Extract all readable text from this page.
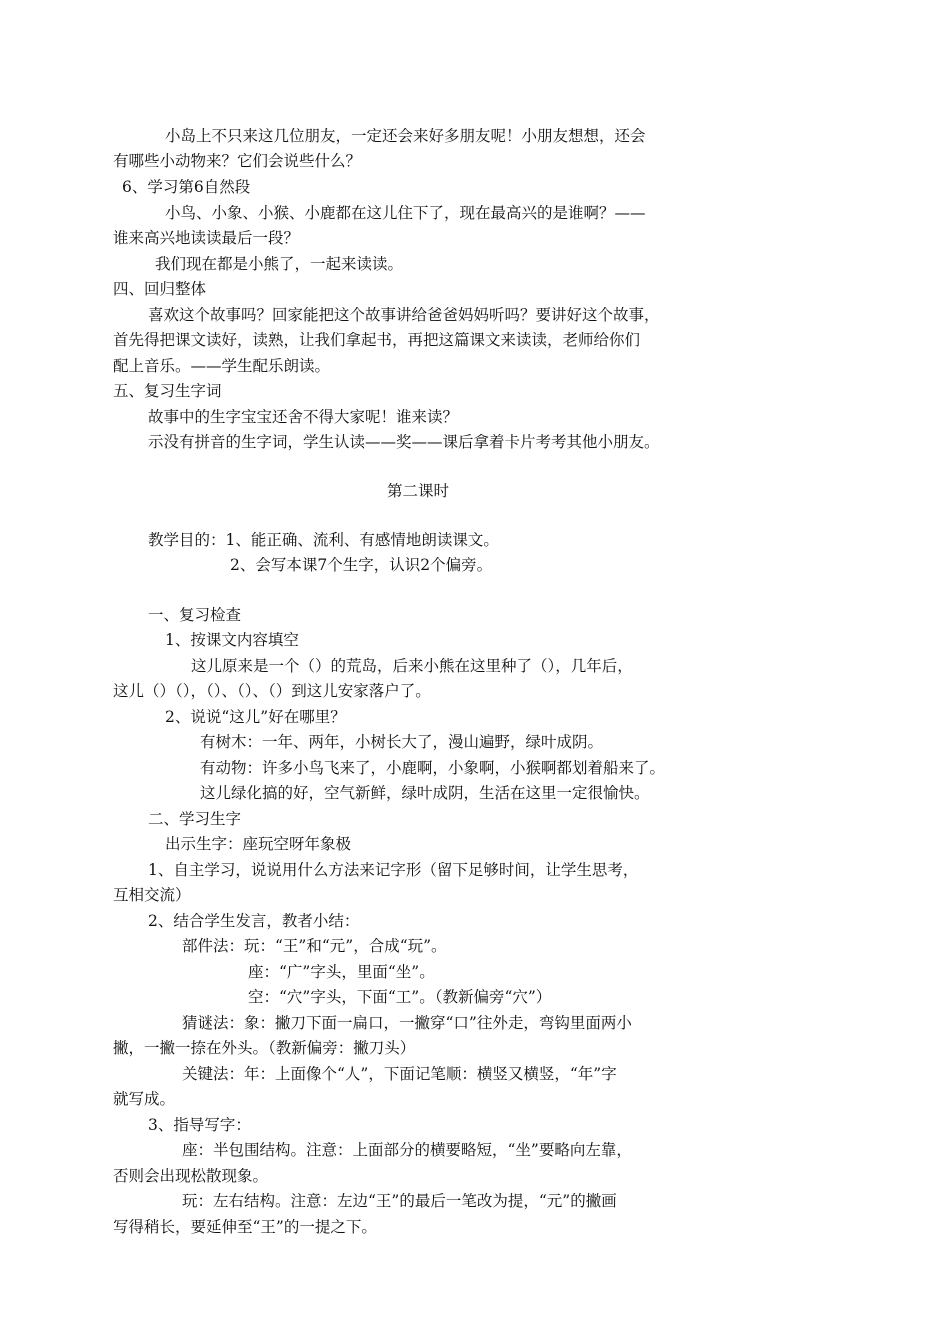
小岛上不只来这几位朋友，一定还会来好多朋友呢！小朋友想想，还会
有哪些小动物来？它们会说些什么？
6、学习第6自然段
小鸟、小象、小猴、小鹿都在这儿住下了，现在最高兴的是谁啊？——
谁来高兴地读读最后一段？
我们现在都是小熊了，一起来读读。
四、回归整体
喜欢这个故事吗？回家能把这个故事讲给爸爸妈妈听吗？要讲好这个故事，
首先得把课文读好，读熟，让我们拿起书，再把这篇课文来读读，老师给你们
配上音乐。——学生配乐朗读。
五、复习生字词
故事中的生字宝宝还舍不得大家呢！谁来读？
示没有拼音的生字词，学生认读——奖——课后拿着卡片考考其他小朋友。
第二课时
教学目的：1、能正确、流利、有感情地朗读课文。
2、会写本课7个生字，认识2个偏旁。
一、复习检查
1、按课文内容填空
这儿原来是一个（）的荒岛，后来小熊在这里种了（），几年后，
这儿（）（），（）、（）、（）到这儿安家落户了。
2、说说“这儿”好在哪里？
有树木：一年、两年，小树长大了，漫山遍野，绿叶成阴。
有动物：许多小鸟飞来了，小鹿啊，小象啊，小猴啊都划着船来了。
这儿绿化搞的好，空气新鲜，绿叶成阴，生活在这里一定很愉快。
二、学习生字
出示生字：座玩空呀年象极
1、自主学习，说说用什么方法来记字形（留下足够时间，让学生思考，
互相交流）
2、结合学生发言，教者小结：
部件法：玩：“王”和“元”，合成“玩”。
座：“广”字头，里面“坐”。
空：“穴”字头，下面“工”。（教新偏旁“穴”）
猜谜法：象：撇刀下面一扁口，一撇穿“口”往外走，弯钩里面两小
撇，一撇一捺在外头。（教新偏旁：撇刀头）
关键法：年：上面像个“人”，下面记笔顺：横竖又横竖，“年”字
就写成。
3、指导写字：
座：半包围结构。注意：上面部分的横要略短，“坐”要略向左靠，
否则会出现松散现象。
玩：左右结构。注意：左边“王”的最后一笔改为提，“元”的撇画
写得稍长，要延伸至“王”的一提之下。
